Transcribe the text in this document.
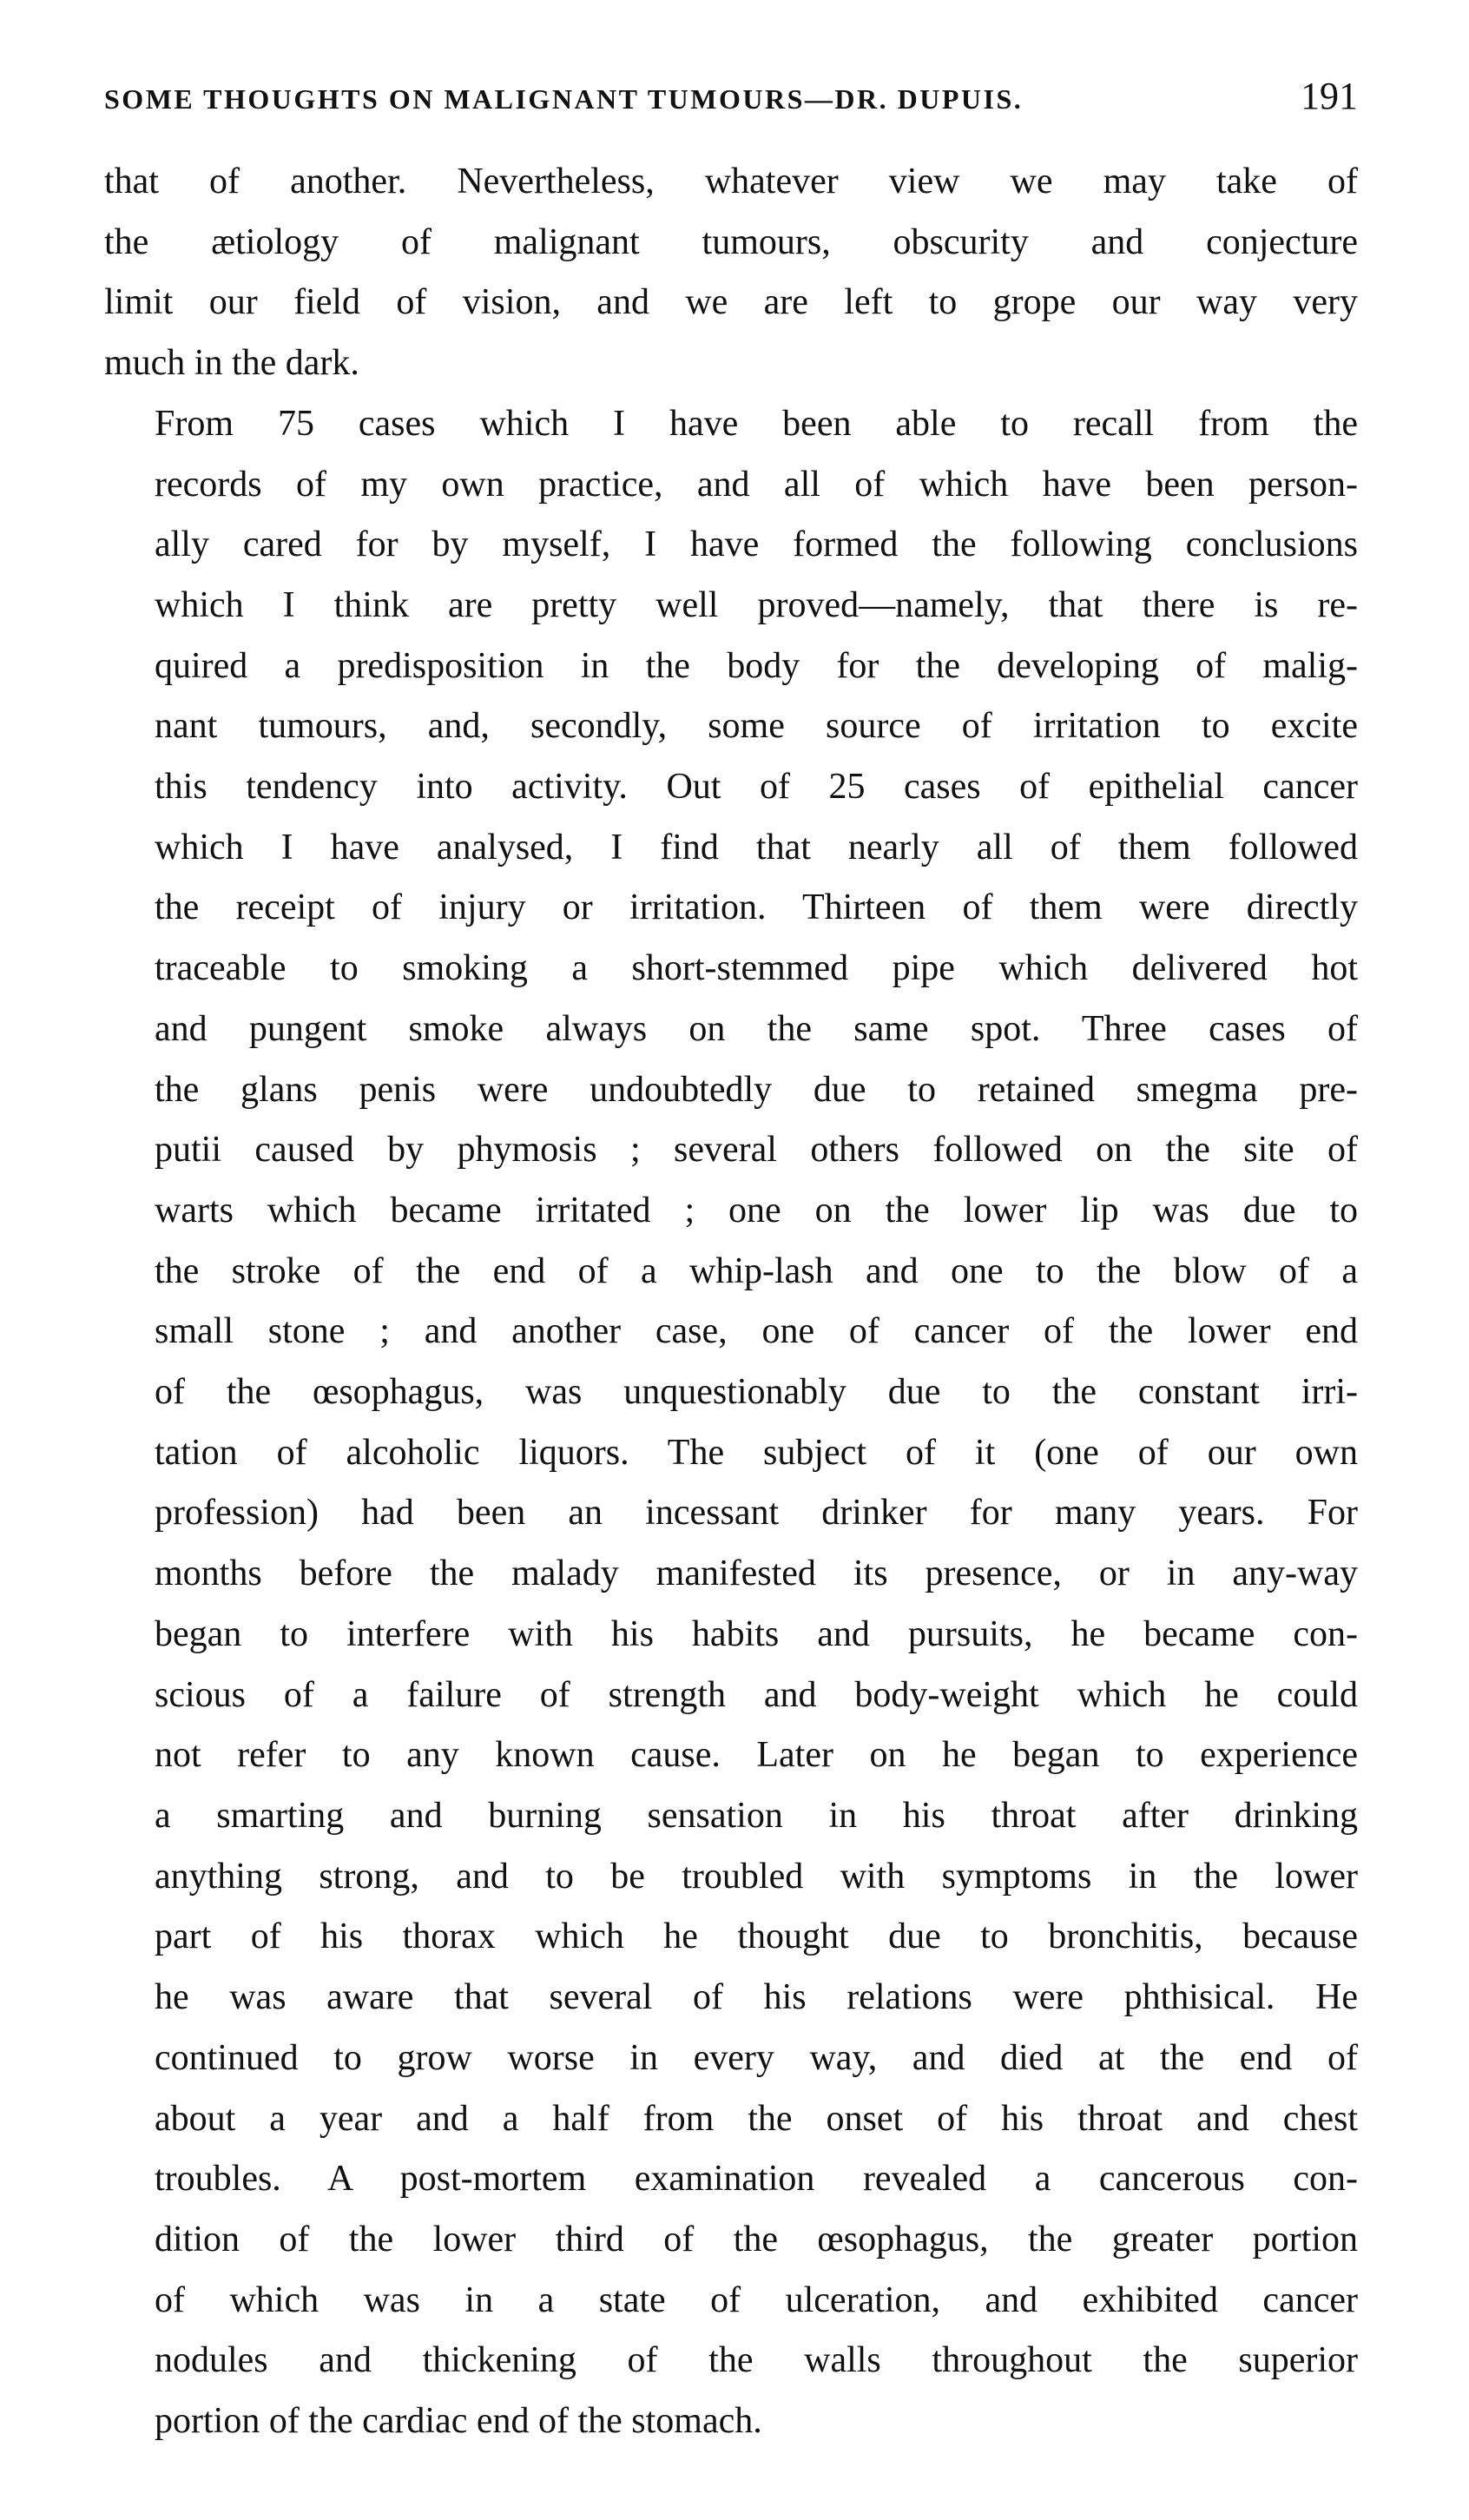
SOME THOUGHTS ON MALIGNANT TUMOURS—DR. DUPUIS.	191

that of another. Nevertheless, whatever view we may take of
the ætiology of malignant tumours, obscurity and conjecture
limit our field of vision, and we are left to grope our way very
much in the dark.

From 75 cases which I have been able to recall from the
records of my own practice, and all of which have been person-
ally cared for by myself, I have formed the following conclusions
which I think are pretty well proved—namely, that there is re-
quired a predisposition in the body for the developing of malig-
nant tumours, and, secondly, some source of irritation to excite
this tendency into activity. Out of 25 cases of epithelial cancer
which I have analysed, I find that nearly all of them followed
the receipt of injury or irritation. Thirteen of them were directly
traceable to smoking a short-stemmed pipe which delivered hot
and pungent smoke always on the same spot. Three cases of
the glans penis were undoubtedly due to retained smegma pre-
putii caused by phymosis ; several others followed on the site of
warts which became irritated ; one on the lower lip was due to
the stroke of the end of a whip-lash and one to the blow of a
small stone ; and another case, one of cancer of the lower end
of the œsophagus, was unquestionably due to the constant irri-
tation of alcoholic liquors. The subject of it (one of our own
profession) had been an incessant drinker for many years. For
months before the malady manifested its presence, or in any-way
began to interfere with his habits and pursuits, he became con-
scious of a failure of strength and body-weight which he could
not refer to any known cause. Later on he began to experience
a smarting and burning sensation in his throat after drinking
anything strong, and to be troubled with symptoms in the lower
part of his thorax which he thought due to bronchitis, because
he was aware that several of his relations were phthisical. He
continued to grow worse in every way, and died at the end of
about a year and a half from the onset of his throat and chest
troubles. A post-mortem examination revealed a cancerous con-
dition of the lower third of the œsophagus, the greater portion
of which was in a state of ulceration, and exhibited cancer
nodules and thickening of the walls throughout the superior
portion of the cardiac end of the stomach.
